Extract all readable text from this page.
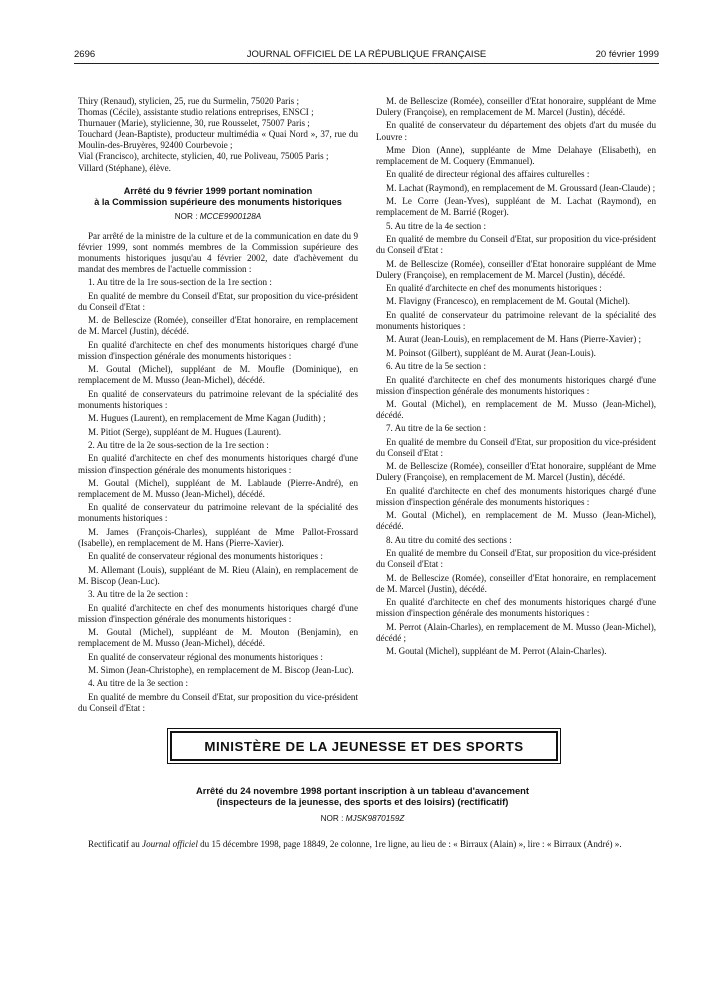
2696	JOURNAL OFFICIEL DE LA RÉPUBLIQUE FRANÇAISE	20 février 1999

Thiry (Renaud), stylicien, 25, rue du Surmelin, 75020 Paris ;

Thomas (Cécile), assistante studio relations entreprises, ENSCI ;

Thurnauer (Marie), stylicienne, 30, rue Rousselet, 75007 Paris ;

Touchard (Jean-Baptiste), producteur multimédia « Quai Nord », 37, rue du Moulin-des-Bruyères, 92400 Courbevoie ;

Vial (Francisco), architecte, stylicien, 40, rue Poliveau, 75005 Paris ;

Villard (Stéphane), élève.

Arrêté du 9 février 1999 portant nomination
à la Commission supérieure des monuments historiques
NOR : MCCE9900128A

Par arrêté de la ministre de la culture et de la communication en date du 9 février 1999, sont nommés membres de la Commission supérieure des monuments historiques jusqu'au 4 février 2002, date d'achèvement du mandat des membres de l'actuelle commission :

1. Au titre de la 1re sous-section de la 1re section :

En qualité de membre du Conseil d'Etat, sur proposition du vice-président du Conseil d'Etat :

M. de Bellescize (Romée), conseiller d'Etat honoraire, en remplacement de M. Marcel (Justin), décédé.

En qualité d'architecte en chef des monuments historiques chargé d'une mission d'inspection générale des monuments historiques :

M. Goutal (Michel), suppléant de M. Moufle (Dominique), en remplacement de M. Musso (Jean-Michel), décédé.

En qualité de conservateurs du patrimoine relevant de la spécialité des monuments historiques :

M. Hugues (Laurent), en remplacement de Mme Kagan (Judith) ;

M. Pitiot (Serge), suppléant de M. Hugues (Laurent).

2. Au titre de la 2e sous-section de la 1re section :

En qualité d'architecte en chef des monuments historiques chargé d'une mission d'inspection générale des monuments historiques :

M. Goutal (Michel), suppléant de M. Lablaude (Pierre-André), en remplacement de M. Musso (Jean-Michel), décédé.

En qualité de conservateur du patrimoine relevant de la spécialité des monuments historiques :

M. James (François-Charles), suppléant de Mme Pallot-Frossard (Isabelle), en remplacement de M. Hans (Pierre-Xavier).

En qualité de conservateur régional des monuments historiques :

M. Allemant (Louis), suppléant de M. Rieu (Alain), en remplacement de M. Biscop (Jean-Luc).

3. Au titre de la 2e section :

En qualité d'architecte en chef des monuments historiques chargé d'une mission d'inspection générale des monuments historiques :

M. Goutal (Michel), suppléant de M. Mouton (Benjamin), en remplacement de M. Musso (Jean-Michel), décédé.

En qualité de conservateur régional des monuments historiques :

M. Simon (Jean-Christophe), en remplacement de M. Biscop (Jean-Luc).

4. Au titre de la 3e section :

En qualité de membre du Conseil d'Etat, sur proposition du vice-président du Conseil d'Etat :

M. de Bellescize (Romée), conseiller d'Etat honoraire, suppléant de Mme Dulery (Françoise), en remplacement de M. Marcel (Justin), décédé.

En qualité de conservateur du département des objets d'art du musée du Louvre :

Mme Dion (Anne), suppléante de Mme Delahaye (Elisabeth), en remplacement de M. Coquery (Emmanuel).

En qualité de directeur régional des affaires culturelles :

M. Lachat (Raymond), en remplacement de M. Groussard (Jean-Claude) ;

M. Le Corre (Jean-Yves), suppléant de M. Lachat (Raymond), en remplacement de M. Barrié (Roger).

5. Au titre de la 4e section :

En qualité de membre du Conseil d'Etat, sur proposition du vice-président du Conseil d'Etat :

M. de Bellescize (Romée), conseiller d'Etat honoraire suppléant de Mme Dulery (Françoise), en remplacement de M. Marcel (Justin), décédé.

En qualité d'architecte en chef des monuments historiques :

M. Flavigny (Francesco), en remplacement de M. Goutal (Michel).

En qualité de conservateur du patrimoine relevant de la spécialité des monuments historiques :

M. Aurat (Jean-Louis), en remplacement de M. Hans (Pierre-Xavier) ;

M. Poinsot (Gilbert), suppléant de M. Aurat (Jean-Louis).

6. Au titre de la 5e section :

En qualité d'architecte en chef des monuments historiques chargé d'une mission d'inspection générale des monuments historiques :

M. Goutal (Michel), en remplacement de M. Musso (Jean-Michel), décédé.

7. Au titre de la 6e section :

En qualité de membre du Conseil d'Etat, sur proposition du vice-président du Conseil d'Etat :

M. de Bellescize (Romée), conseiller d'Etat honoraire, suppléant de Mme Dulery (Françoise), en remplacement de M. Marcel (Justin), décédé.

En qualité d'architecte en chef des monuments historiques chargé d'une mission d'inspection générale des monuments historiques :

M. Goutal (Michel), en remplacement de M. Musso (Jean-Michel), décédé.

8. Au titre du comité des sections :

En qualité de membre du Conseil d'Etat, sur proposition du vice-président du Conseil d'Etat :

M. de Bellescize (Romée), conseiller d'Etat honoraire, en remplacement de M. Marcel (Justin), décédé.

En qualité d'architecte en chef des monuments historiques chargé d'une mission d'inspection générale des monuments historiques :

M. Perrot (Alain-Charles), en remplacement de M. Musso (Jean-Michel), décédé ;

M. Goutal (Michel), suppléant de M. Perrot (Alain-Charles).

MINISTÈRE DE LA JEUNESSE ET DES SPORTS
Arrêté du 24 novembre 1998 portant inscription à un tableau d'avancement
(inspecteurs de la jeunesse, des sports et des loisirs) (rectificatif)
NOR : MJSK9870159Z
Rectificatif au Journal officiel du 15 décembre 1998, page 18849, 2e colonne, 1re ligne, au lieu de : « Birraux (Alain) », lire : « Birraux (André) ».
